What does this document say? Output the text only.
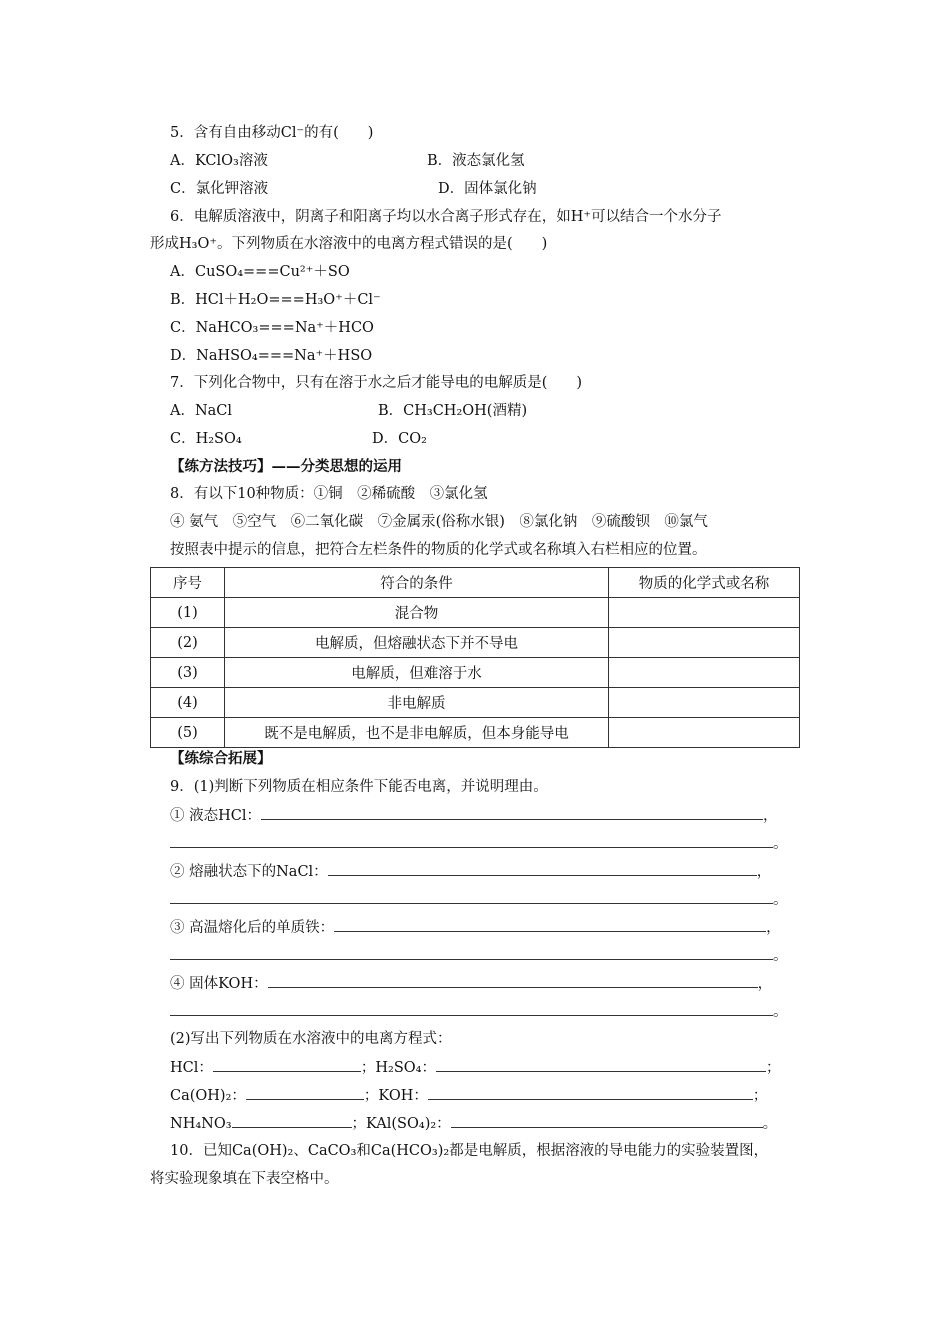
5．含有自由移动Cl⁻的有(　　)
A．KClO₃溶液	B．液态氯化氢
C．氯化钾溶液	D．固体氯化钠
6．电解质溶液中，阴离子和阳离子均以水合离子形式存在，如H⁺可以结合一个水分子
形成H₃O⁺。下列物质在水溶液中的电离方程式错误的是(　　)
A．CuSO₄===Cu²⁺＋SO
B．HCl＋H₂O===H₃O⁺＋Cl⁻
C．NaHCO₃===Na⁺＋HCO
D．NaHSO₄===Na⁺＋HSO
7．下列化合物中，只有在溶于水之后才能导电的电解质是(　　)
A．NaCl	B．CH₃CH₂OH(酒精)
C．H₂SO₄	D．CO₂
【练方法技巧】——分类思想的运用
8．有以下10种物质：①铜　②稀硫酸　③氯化氢
④ 氨气　⑤空气　⑥二氧化碳　⑦金属汞(俗称水银)　⑧氯化钠　⑨硫酸钡　⑩氯气
按照表中提示的信息，把符合左栏条件的物质的化学式或名称填入右栏相应的位置。
序号	符合的条件	物质的化学式或名称
(1)	混合物	
(2)	电解质，但熔融状态下并不导电	
(3)	电解质，但难溶于水	
(4)	非电解质	
(5)	既不是电解质，也不是非电解质，但本身能导电	
【练综合拓展】
9．(1)判断下列物质在相应条件下能否电离，并说明理由。
① 液态HCl：	，
。
② 熔融状态下的NaCl：	，
。
③ 高温熔化后的单质铁：	，
。
④ 固体KOH：	，
。
(2)写出下列物质在水溶液中的电离方程式：
HCl：	；H₂SO₄：	；
Ca(OH)₂：	；KOH：	；
NH₄NO₃	；KAl(SO₄)₂：	。
10．已知Ca(OH)₂、CaCO₃和Ca(HCO₃)₂都是电解质，根据溶液的导电能力的实验装置图，
将实验现象填在下表空格中。
